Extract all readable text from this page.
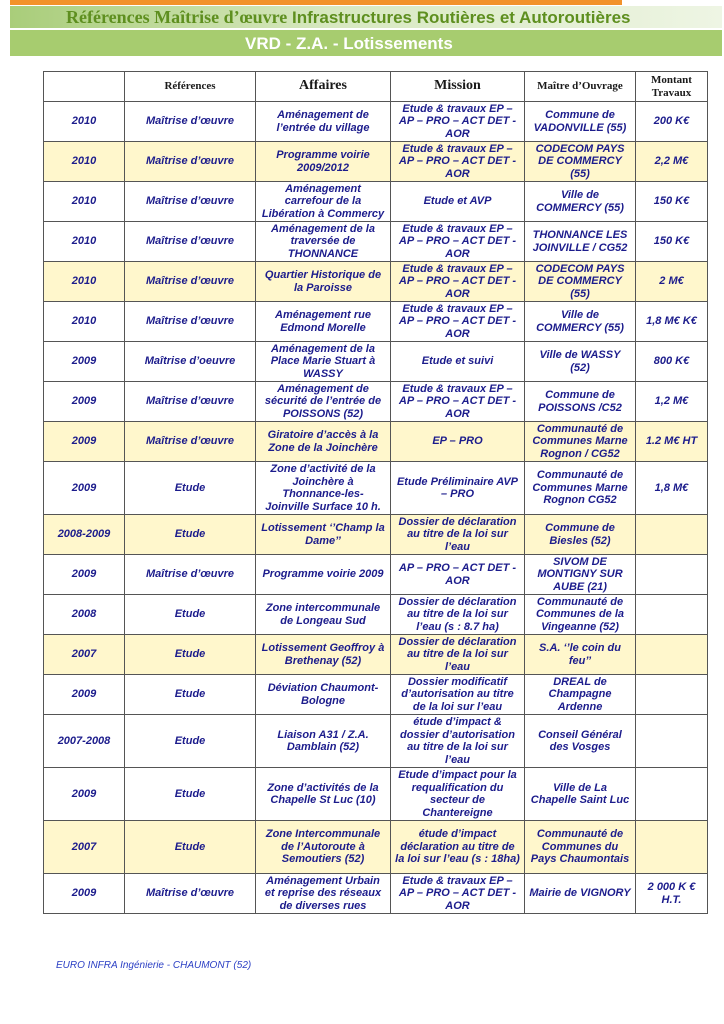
Références Maîtrise d’œuvre Infrastructures Routières et Autoroutières
VRD - Z.A. - Lotissements
	Références	Affaires	Mission	Maître d’Ouvrage	Montant Travaux
2010	Maîtrise d’œuvre	Aménagement de l’entrée du village	Etude & travaux EP – AP – PRO – ACT DET - AOR	Commune de VADONVILLE (55)	200 K€
2010	Maîtrise d’œuvre	Programme voirie 2009/2012	Etude & travaux EP – AP – PRO – ACT DET - AOR	CODECOM PAYS DE COMMERCY (55)	2,2 M€
2010	Maîtrise d’œuvre	Aménagement carrefour de la Libération à Commercy	Etude et AVP	Ville de COMMERCY (55)	150 K€
2010	Maîtrise d’œuvre	Aménagement de la traversée de THONNANCE	Etude & travaux EP – AP – PRO – ACT DET - AOR	THONNANCE LES JOINVILLE / CG52	150 K€
2010	Maîtrise d’œuvre	Quartier Historique de la Paroisse	Etude & travaux EP – AP – PRO – ACT DET - AOR	CODECOM PAYS DE COMMERCY (55)	2 M€
2010	Maîtrise d’œuvre	Aménagement rue Edmond Morelle	Etude & travaux EP – AP – PRO – ACT DET - AOR	Ville de COMMERCY (55)	1,8 M€ K€
2009	Maîtrise d’oeuvre	Aménagement de la Place Marie Stuart à WASSY	Etude et suivi	Ville de WASSY (52)	800 K€
2009	Maîtrise d’œuvre	Aménagement de sécurité de l’entrée de POISSONS (52)	Etude & travaux EP – AP – PRO – ACT DET - AOR	Commune de POISSONS /C52	1,2 M€
2009	Maîtrise d’œuvre	Giratoire d’accès à la Zone de la Joinchère	EP – PRO	Communauté de Communes Marne Rognon / CG52	1.2 M€ HT
2009	Etude	Zone d’activité de la Joinchère à Thonnance-les- Joinville Surface 10 h.	Etude Préliminaire AVP – PRO	Communauté de Communes Marne Rognon CG52	1,8 M€
2008-2009	Etude	Lotissement ‘’Champ la Dame’’	Dossier de déclaration au titre de la loi sur l’eau	Commune de Biesles (52)	
2009	Maîtrise d’œuvre	Programme voirie 2009	AP – PRO – ACT DET - AOR	SIVOM DE MONTIGNY SUR AUBE (21)	
2008	Etude	Zone intercommunale de Longeau Sud	Dossier de déclaration au titre de la loi sur l’eau (s : 8.7 ha)	Communauté de Communes de la Vingeanne (52)	
2007	Etude	Lotissement Geoffroy à Brethenay (52)	Dossier de déclaration au titre de la loi sur l’eau	S.A. ‘’le coin du feu’’	
2009	Etude	Déviation Chaumont-Bologne	Dossier modificatif d’autorisation au titre de la loi sur l’eau	DREAL de Champagne Ardenne	
2007-2008	Etude	Liaison A31 / Z.A. Damblain (52)	étude d’impact & dossier d’autorisation au titre de la loi sur l’eau	Conseil Général des Vosges	
2009	Etude	Zone d’activités de la Chapelle St Luc (10)	Etude d’impact pour la requalification du secteur de Chantereigne	Ville de La Chapelle Saint Luc	
2007	Etude	Zone Intercommunale de l’Autoroute à Semoutiers (52)	étude d’impact déclaration au titre de la loi sur l’eau (s : 18ha)	Communauté de Communes du Pays Chaumontais	
2009	Maîtrise d’œuvre	Aménagement Urbain et reprise des réseaux de diverses rues	Etude & travaux EP – AP – PRO – ACT DET - AOR	Mairie de VIGNORY	2 000 K € H.T.
EURO INFRA Ingénierie - CHAUMONT (52)
